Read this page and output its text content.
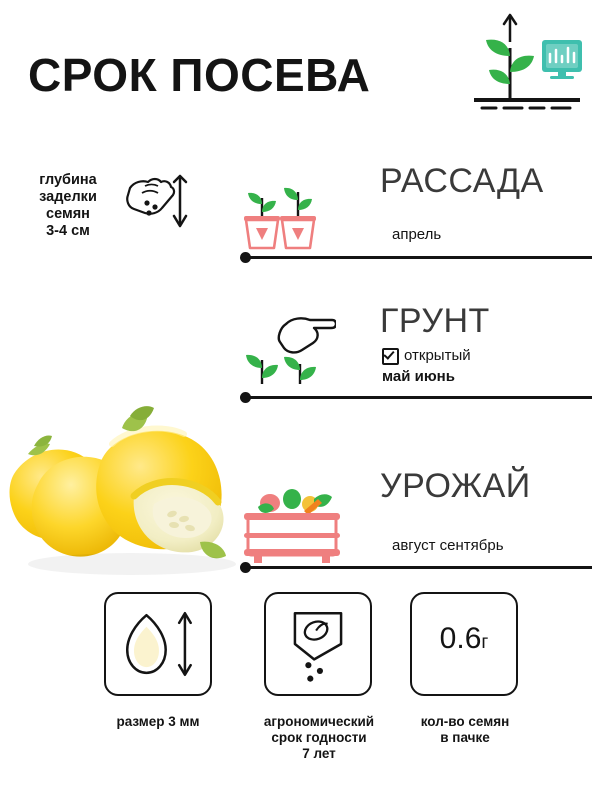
СРОК ПОСЕВА
глубина
заделки
семян
3-4 см
РАССАДА
апрель
ГРУНТ
открытый
май июнь
УРОЖАЙ
август сентябрь
размер 3 мм	агрономический
срок годности
7 лет
0.6г
кол-во семян
в пачке
